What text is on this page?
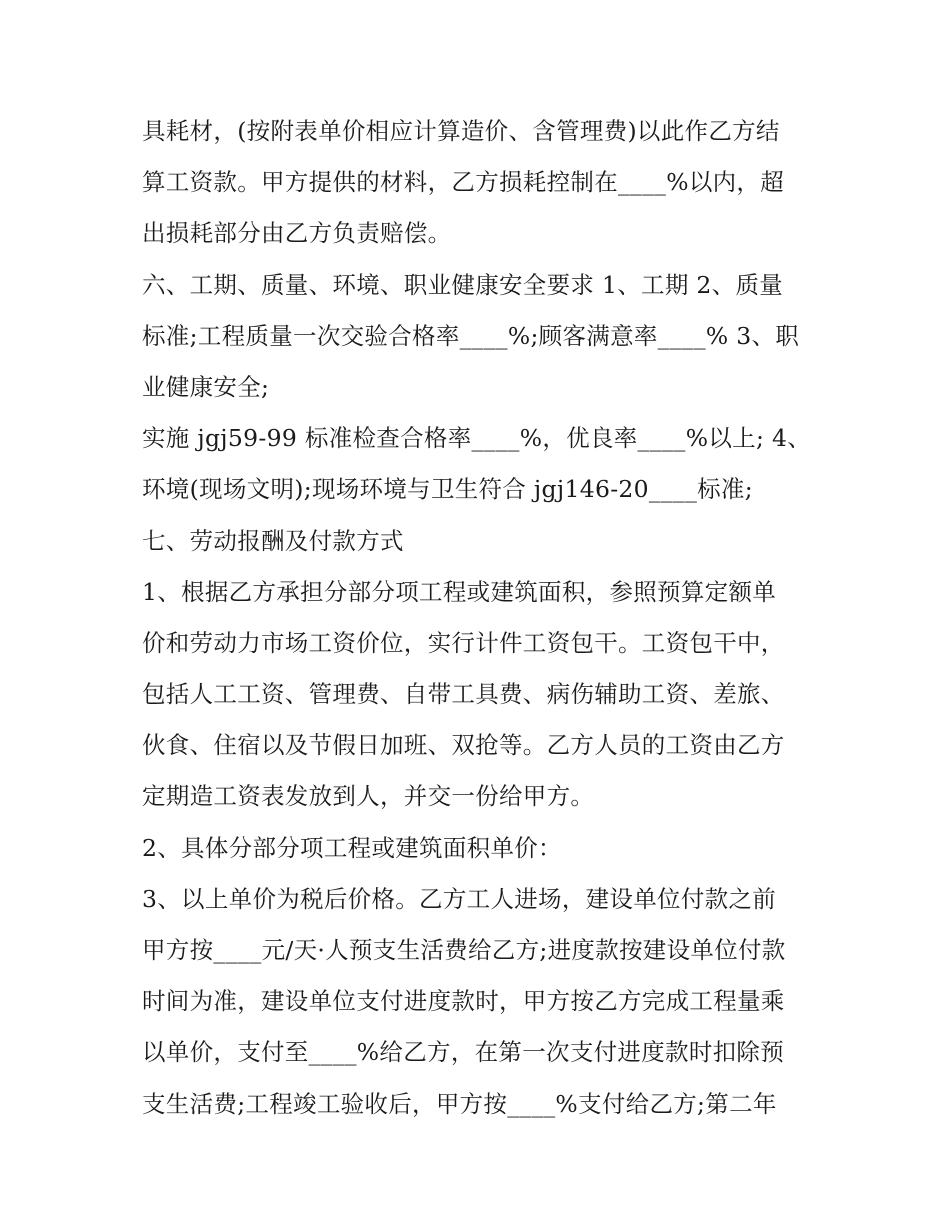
具耗材，(按附表单价相应计算造价、含管理费)以此作乙方结
算工资款。甲方提供的材料，乙方损耗控制在____%以内，超
出损耗部分由乙方负责赔偿。
六、工期、质量、环境、职业健康安全要求 1、工期 2、质量
标准;工程质量一次交验合格率____%;顾客满意率____% 3、职
业健康安全;
实施 jgj59-99 标准检查合格率____%，优良率____%以上; 4、
环境(现场文明);现场环境与卫生符合 jgj146-20____标准;
七、劳动报酬及付款方式
1、根据乙方承担分部分项工程或建筑面积，参照预算定额单
价和劳动力市场工资价位，实行计件工资包干。工资包干中，
包括人工工资、管理费、自带工具费、病伤辅助工资、差旅、
伙食、住宿以及节假日加班、双抢等。乙方人员的工资由乙方
定期造工资表发放到人，并交一份给甲方。
2、具体分部分项工程或建筑面积单价：
3、以上单价为税后价格。乙方工人进场，建设单位付款之前
甲方按____元/天·人预支生活费给乙方;进度款按建设单位付款
时间为准，建设单位支付进度款时，甲方按乙方完成工程量乘
以单价，支付至____%给乙方，在第一次支付进度款时扣除预
支生活费;工程竣工验收后，甲方按____%支付给乙方;第二年
